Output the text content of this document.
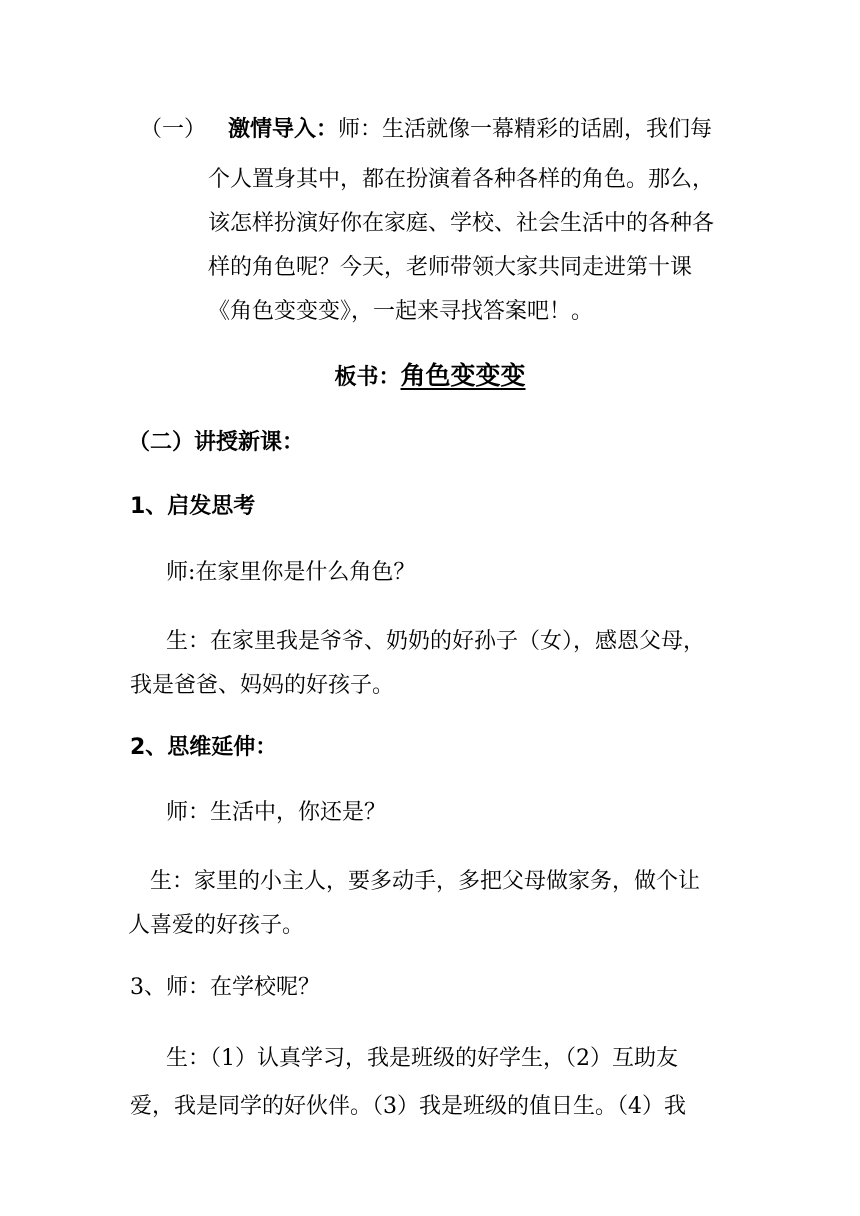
（一） 激情导入：师：生活就像一幕精彩的话剧，我们每
个人置身其中，都在扮演着各种各样的角色。那么，
该怎样扮演好你在家庭、学校、社会生活中的各种各
样的角色呢？今天，老师带领大家共同走进第十课
《角色变变变》，一起来寻找答案吧！。
板书：角色变变变
（二）讲授新课：
1、启发思考
师:在家里你是什么角色？
生：在家里我是爷爷、奶奶的好孙子（女），感恩父母，
我是爸爸、妈妈的好孩子。
2、思维延伸：
师：生活中，你还是？
生：家里的小主人，要多动手，多把父母做家务，做个让
人喜爱的好孩子。
3、师：在学校呢？
生：（1）认真学习，我是班级的好学生，（2）互助友
爱，我是同学的好伙伴。（3）我是班级的值日生。（4）我
